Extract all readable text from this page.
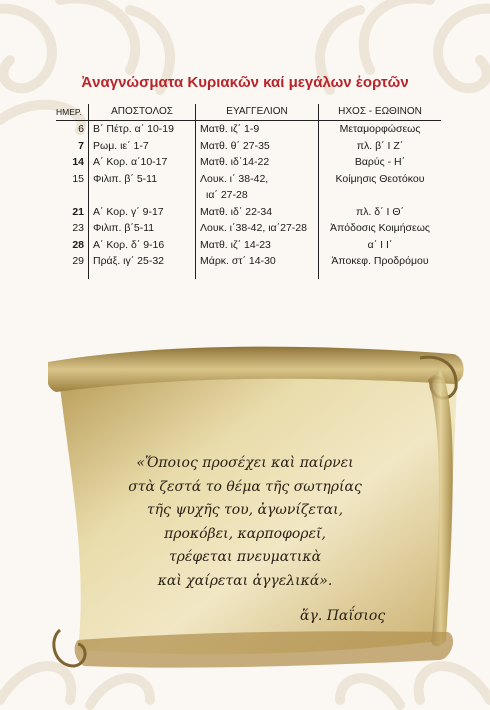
Ἀναγνώσματα Κυριακῶν καί μεγάλων ἑορτῶν
ΗΜΕΡ.	ΑΠΟΣΤΟΛΟΣ	ΕΥΑΓΓΕΛΙΟΝ	ΗΧΟΣ - ΕΩΘΙΝΟΝ
6	Β΄ Πέτρ. α΄ 10-19	Ματθ. ιζ΄ 1-9	Μεταμορφώσεως
7	Ρωμ. ιε΄ 1-7	Ματθ. θ΄ 27-35	πλ. β΄ Ι Ζ΄
14	Α΄ Κορ. α΄10-17	Ματθ. ιδ΄14-22	Βαρύς - Η΄
15	Φιλιπ. β΄ 5-11	Λουκ. ι΄ 38-42,	Κοίμησις Θεοτόκου
		ια΄ 27-28	
21	Α΄ Κορ. γ΄ 9-17	Ματθ. ιδ΄ 22-34	πλ. δ΄ Ι Θ΄
23	Φιλιπ. β΄5-11	Λουκ. ι΄38-42, ια΄27-28	Ἀπόδοσις Κοιμήσεως
28	Α΄ Κορ. δ΄ 9-16	Ματθ. ιζ΄ 14-23	α΄ Ι Ι΄
29	Πράξ. ιγ΄ 25-32	Μάρκ. στ΄ 14-30	Ἀποκεφ. Προδρόμου
«Ὅποιος προσέχει καὶ παίρνει
στὰ ζεστά το θέμα τῆς σωτηρίας
τῆς ψυχῆς του, ἀγωνίζεται,
προκόβει, καρποφορεῖ,
τρέφεται πνευματικὰ
καὶ χαίρεται ἀγγελικά».
ἅγ. Παΐσιος
